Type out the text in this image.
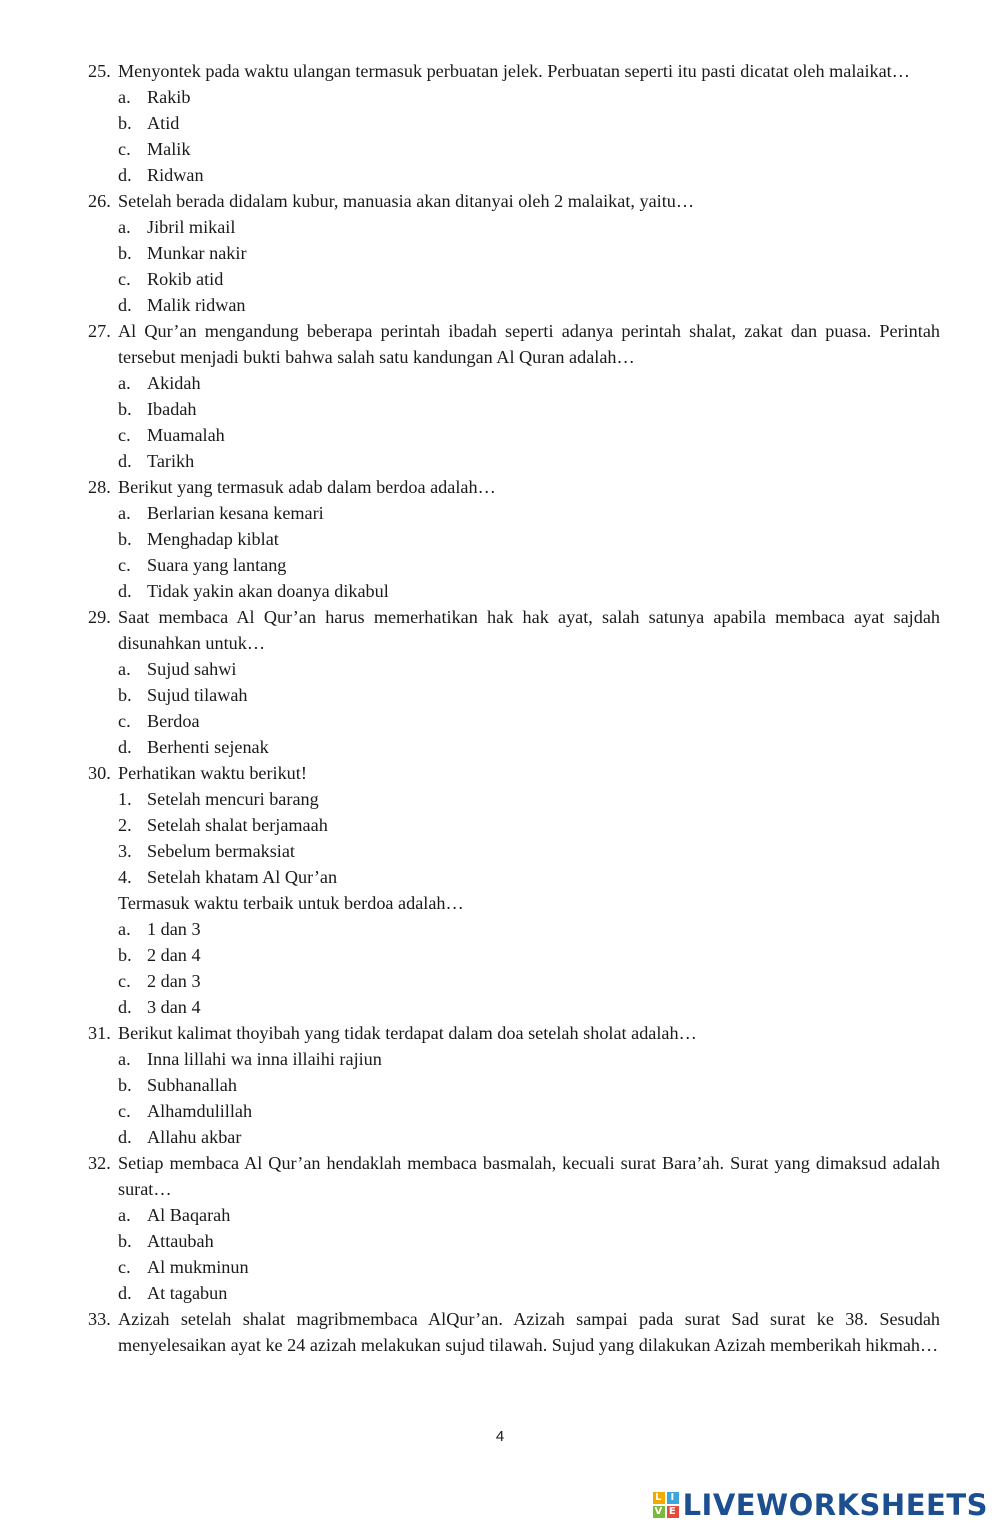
25. Menyontek pada waktu ulangan termasuk perbuatan jelek. Perbuatan seperti itu pasti dicatat oleh malaikat…
a. Rakib
b. Atid
c. Malik
d. Ridwan
26. Setelah berada didalam kubur, manuasia akan ditanyai oleh 2 malaikat, yaitu…
a. Jibril mikail
b. Munkar nakir
c. Rokib atid
d. Malik ridwan
27. Al Qur’an mengandung beberapa perintah ibadah seperti adanya perintah shalat, zakat dan puasa. Perintah tersebut menjadi bukti bahwa salah satu kandungan Al Quran adalah…
a. Akidah
b. Ibadah
c. Muamalah
d. Tarikh
28. Berikut yang termasuk adab dalam berdoa adalah…
a. Berlarian kesana kemari
b. Menghadap kiblat
c. Suara yang lantang
d. Tidak yakin akan doanya dikabul
29. Saat membaca Al Qur’an harus memerhatikan hak hak ayat, salah satunya apabila membaca ayat sajdah disunahkan untuk…
a. Sujud sahwi
b. Sujud tilawah
c. Berdoa
d. Berhenti sejenak
30. Perhatikan waktu berikut!
1. Setelah mencuri barang
2. Setelah shalat berjamaah
3. Sebelum bermaksiat
4. Setelah khatam Al Qur’an
Termasuk waktu terbaik untuk berdoa adalah…
a. 1 dan 3
b. 2 dan 4
c. 2 dan 3
d. 3 dan 4
31. Berikut kalimat thoyibah yang tidak terdapat dalam doa setelah sholat adalah…
a. Inna lillahi wa inna illaihi rajiun
b. Subhanallah
c. Alhamdulillah
d. Allahu akbar
32. Setiap membaca Al Qur’an hendaklah membaca basmalah, kecuali surat Bara’ah. Surat yang dimaksud adalah surat…
a. Al Baqarah
b. Attaubah
c. Al mukminun
d. At tagabun
33. Azizah setelah shalat magribmembaca AlQur’an. Azizah sampai pada surat Sad surat ke 38. Sesudah menyelesaikan ayat ke 24 azizah melakukan sujud tilawah. Sujud yang dilakukan Azizah memberikah hikmah…
4
L I
V E LIVEWORKSHEETS
